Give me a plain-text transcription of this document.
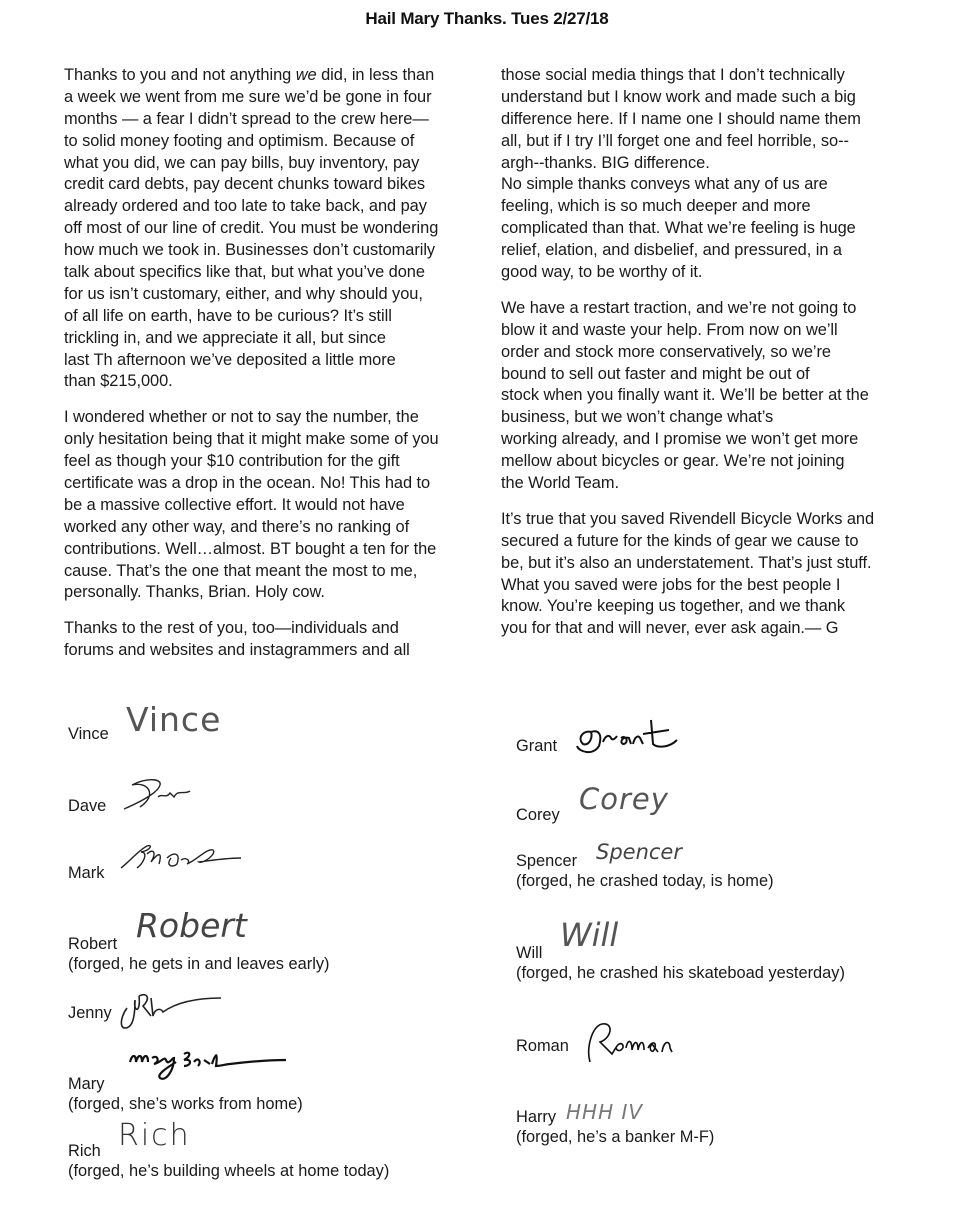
Hail Mary Thanks. Tues 2/27/18
Thanks to you and not anything we did, in less than
a week we went from me sure we’d be gone in four
months — a fear I didn’t spread to the crew here—
to solid money footing and optimism. Because of
what you did, we can pay bills, buy inventory, pay
credit card debts, pay decent chunks toward bikes
already ordered and too late to take back, and pay
off most of our line of credit. You must be wondering
how much we took in. Businesses don’t customarily
talk about specifics like that, but what you’ve done
for us isn’t customary, either, and why should you,
of all life on earth, have to be curious? It’s still
trickling in, and we appreciate it all, but since
last Th afternoon we’ve deposited a little more
than $215,000.
I wondered whether or not to say the number, the
only hesitation being that it might make some of you
feel as though your $10 contribution for the gift
certificate was a drop in the ocean. No! This had to
be a massive collective effort. It would not have
worked any other way, and there’s no ranking of
contributions. Well…almost. BT bought a ten for the
cause. That’s the one that meant the most to me,
personally. Thanks, Brian. Holy cow.
Thanks to the rest of you, too—individuals and
forums and websites and instagrammers and all
those social media things that I don’t technically
understand but I know work and made such a big
difference here. If I name one I should name them
all, but if I try I’ll forget one and feel horrible, so--
argh--thanks. BIG difference.
No simple thanks conveys what any of us are
feeling, which is so much deeper and more
complicated than that. What we’re feeling is huge
relief, elation, and disbelief, and pressured, in a
good way, to be worthy of it.
We have a restart traction, and we’re not going to
blow it and waste your help. From now on we’ll
order and stock more conservatively, so we’re
bound to sell out faster and might be out of
stock when you finally want it. We’ll be better at the
business, but we won’t change what’s
working already, and I promise we won’t get more
mellow about bicycles or gear. We’re not joining
the World Team.
It’s true that you saved Rivendell Bicycle Works and
secured a future for the kinds of gear we cause to
be, but it’s also an understatement. That’s just stuff.
What you saved were jobs for the best people I
know. You’re keeping us together, and we thank
you for that and will never, ever ask again.— G
Vince Vince
Dave
Mark
Robert
(forged, he gets in and leaves early)
Robert
Jenny
Mary
(forged, she’s works from home)
Rich
(forged, he’s building wheels at home today)
Rich
Grant
Corey Corey
Spencer
(forged, he crashed today, is home)
Spencer
Will
(forged, he crashed his skateboad yesterday)
Will
Roman
Harry
(forged, he’s a banker M-F)
HHH IV
